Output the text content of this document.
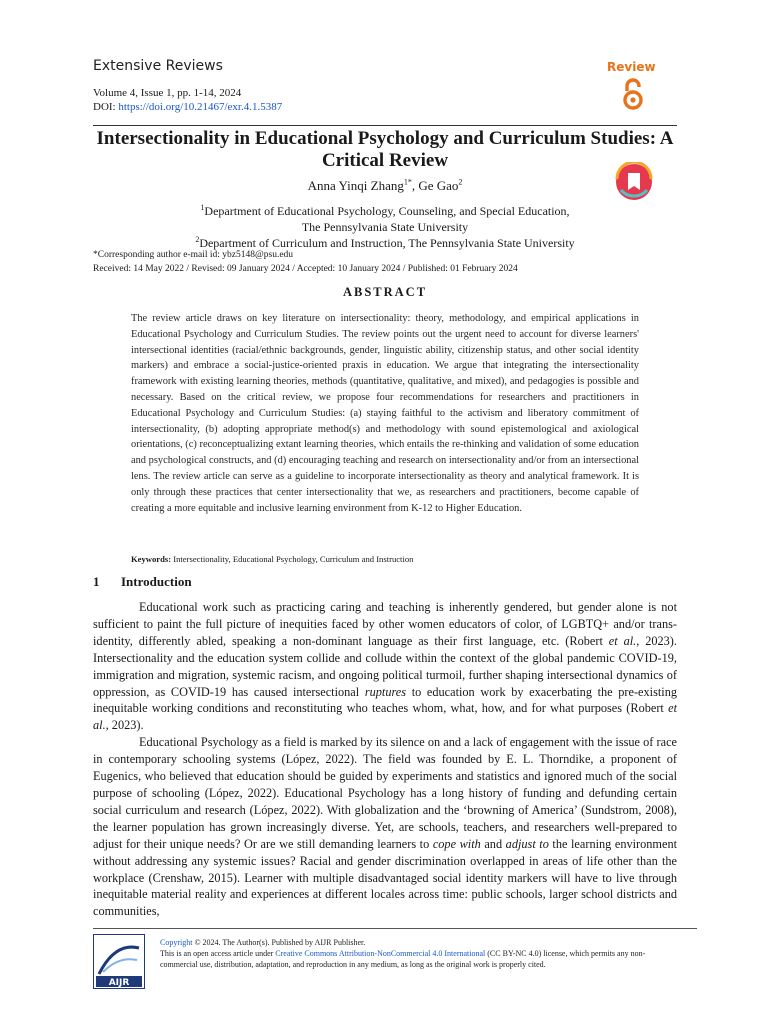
Extensive Reviews	Review
Volume 4, Issue 1, pp. 1-14, 2024
DOI: https://doi.org/10.21467/exr.4.1.5387
Intersectionality in Educational Psychology and Curriculum Studies: A Critical Review
Anna Yinqi Zhang$^{1*}$, Ge Gao$^2$
$^1$Department of Educational Psychology, Counseling, and Special Education,
The Pennsylvania State University
$^2$Department of Curriculum and Instruction, The Pennsylvania State University
*Corresponding author e-mail id: ybz5148@psu.edu
Received: 14 May 2022 / Revised: 09 January 2024 / Accepted: 10 January 2024 / Published: 01 February 2024
ABSTRACT
The review article draws on key literature on intersectionality: theory, methodology, and empirical applications in Educational Psychology and Curriculum Studies. The review points out the urgent need to account for diverse learners' intersectional identities (racial/ethnic backgrounds, gender, linguistic ability, citizenship status, and other social identity markers) and embrace a social-justice-oriented praxis in education. We argue that integrating the intersectionality framework with existing learning theories, methods (quantitative, qualitative, and mixed), and pedagogies is possible and necessary. Based on the critical review, we propose four recommendations for researchers and practitioners in Educational Psychology and Curriculum Studies: (a) staying faithful to the activism and liberatory commitment of intersectionality, (b) adopting appropriate method(s) and methodology with sound epistemological and axiological orientations, (c) reconceptualizing extant learning theories, which entails the re-thinking and validation of some education and psychological constructs, and (d) encouraging teaching and research on intersectionality and/or from an intersectional lens. The review article can serve as a guideline to incorporate intersectionality as theory and analytical framework. It is only through these practices that center intersectionality that we, as researchers and practitioners, become capable of creating a more equitable and inclusive learning environment from K-12 to Higher Education.
Keywords: Intersectionality, Educational Psychology, Curriculum and Instruction
1 Introduction

Educational work such as practicing caring and teaching is inherently gendered, but gender alone is not sufficient to paint the full picture of inequities faced by other women educators of color, of LGBTQ+ and/or trans-identity, differently abled, speaking a non-dominant language as their first language, etc. (Robert et al., 2023). Intersectionality and the education system collide and collude within the context of the global pandemic COVID-19, immigration and migration, systemic racism, and ongoing political turmoil, further shaping intersectional dynamics of oppression, as COVID-19 has caused intersectional ruptures to education work by exacerbating the pre-existing inequitable working conditions and reconstituting who teaches whom, what, how, and for what purposes (Robert et al., 2023).

Educational Psychology as a field is marked by its silence on and a lack of engagement with the issue of race in contemporary schooling systems (López, 2022). The field was founded by E. L. Thorndike, a proponent of Eugenics, who believed that education should be guided by experiments and statistics and ignored much of the social purpose of schooling (López, 2022). Educational Psychology has a long history of funding and defunding certain social curriculum and research (López, 2022). With globalization and the ‘browning of America’ (Sundstrom, 2008), the learner population has grown increasingly diverse. Yet, are schools, teachers, and researchers well-prepared to adjust for their unique needs? Or are we still demanding learners to cope with and adjust to the learning environment without addressing any systemic issues? Racial and gender discrimination overlapped in areas of life other than the workplace (Crenshaw, 2015). Learner with multiple disadvantaged social identity markers will have to live through inequitable material reality and experiences at different locales across time: public schools, larger school districts and communities,

AIJR
Copyright © 2024. The Author(s). Published by AIJR Publisher.
This is an open access article under Creative Commons Attribution-NonCommercial 4.0 International (CC BY-NC 4.0) license, which permits any non-commercial use, distribution, adaptation, and reproduction in any medium, as long as the original work is properly cited.
